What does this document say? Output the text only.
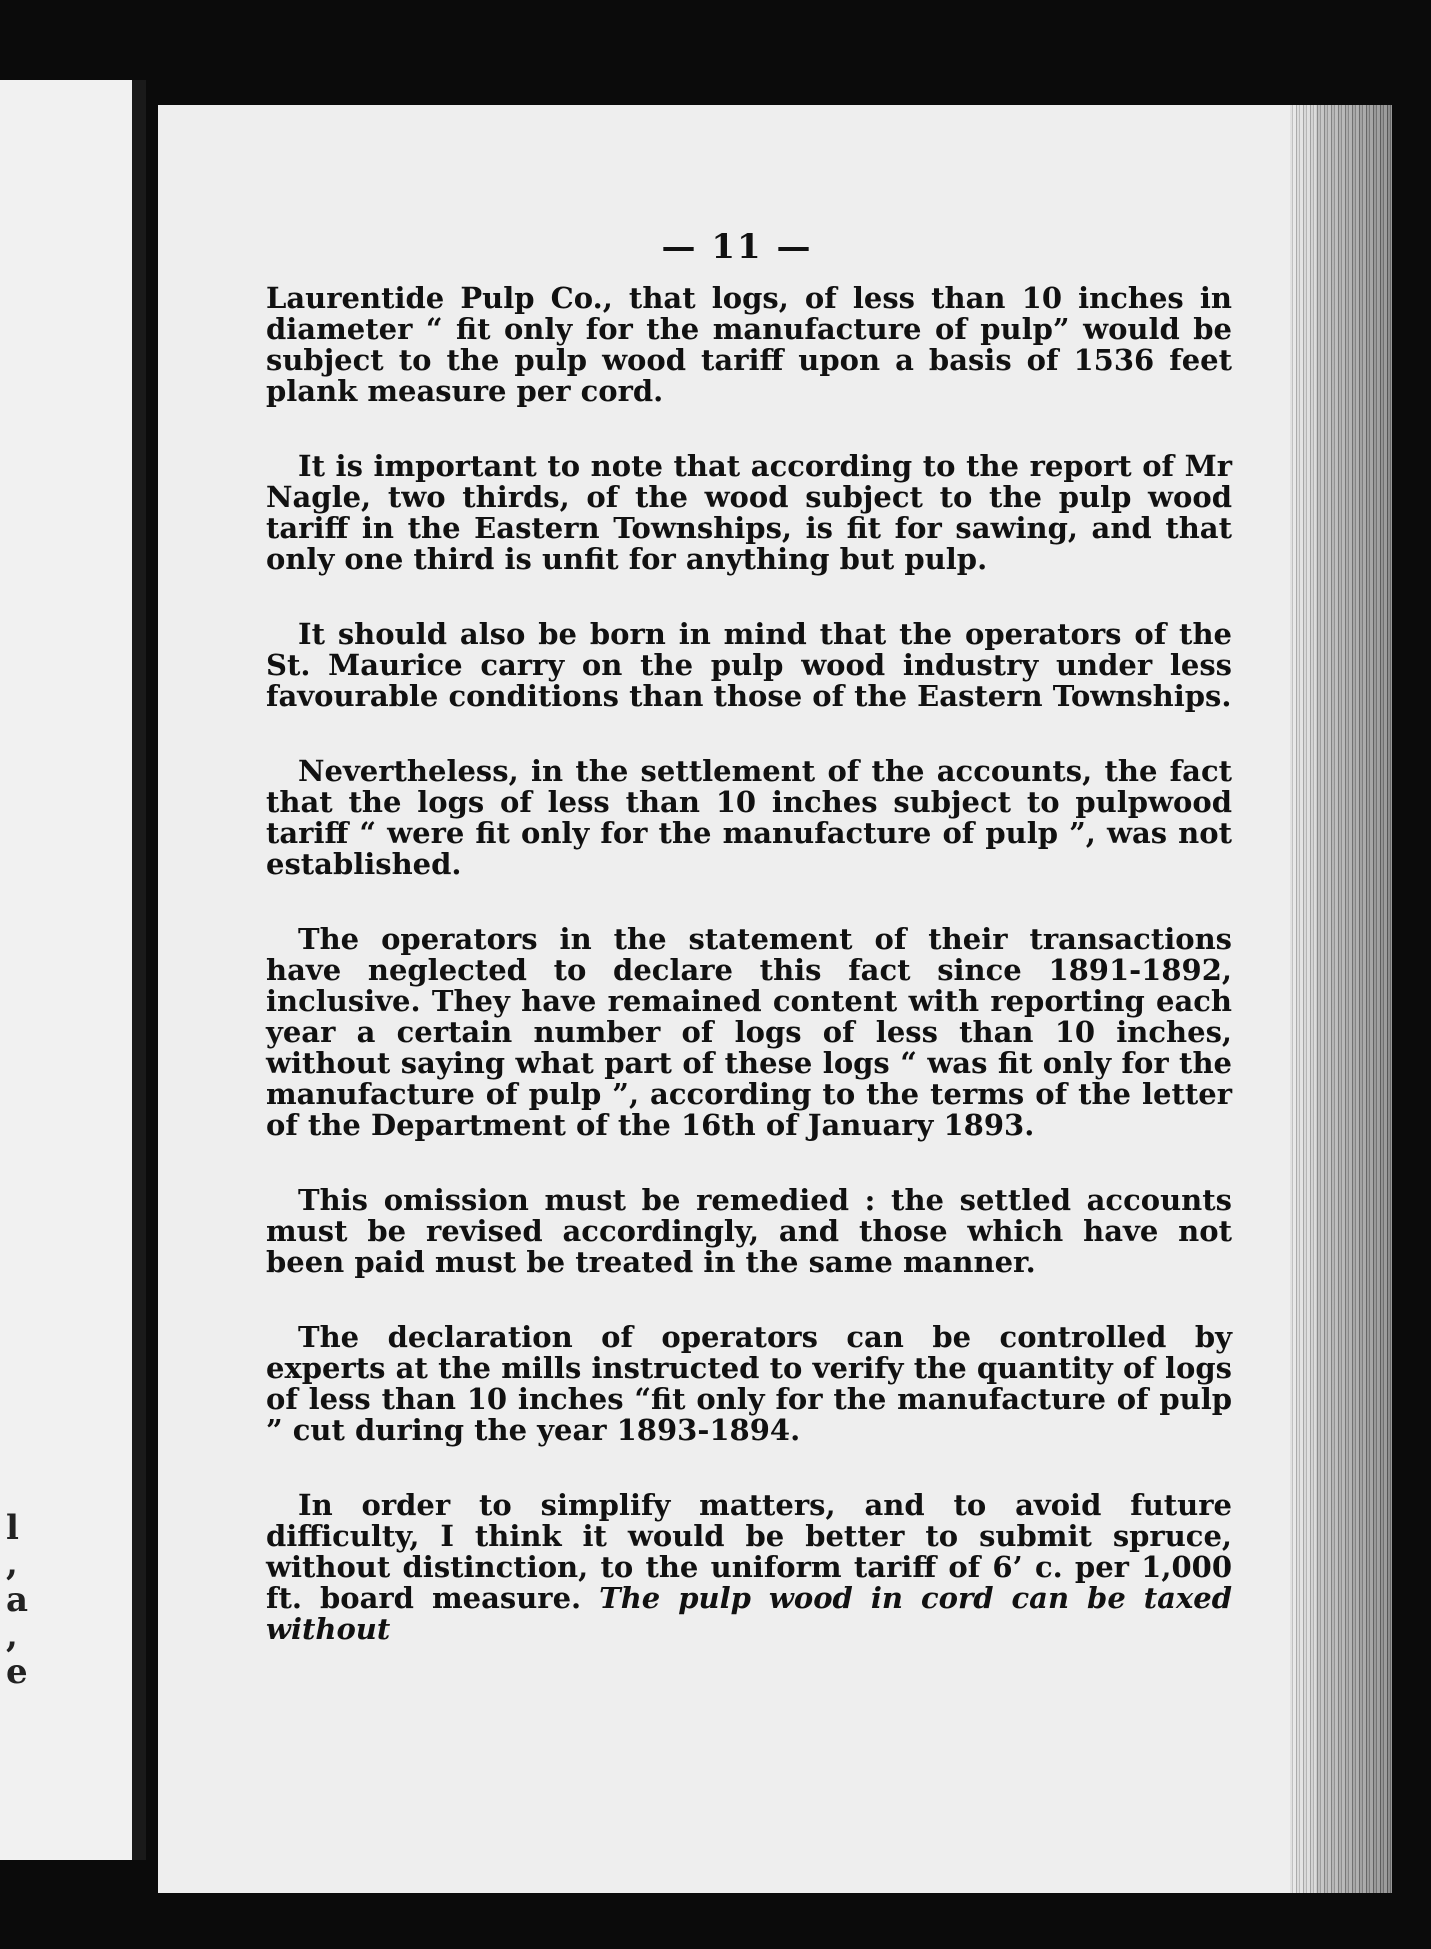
l
,
a
,
e
— 11 —

Laurentide Pulp Co., that logs, of less than 10 inches in diameter “ fit only for the manufacture of pulp” would be subject to the pulp wood tariff upon a basis of 1536 feet plank measure per cord.

It is important to note that according to the report of Mr Nagle, two thirds, of the wood subject to the pulp wood tariff in the Eastern Townships, is fit for sawing, and that only one third is unfit for anything but pulp.

It should also be born in mind that the operators of the St. Maurice carry on the pulp wood industry under less favourable conditions than those of the Eastern Townships.

Nevertheless, in the settlement of the accounts, the fact that the logs of less than 10 inches subject to pulpwood tariff “ were fit only for the manufacture of pulp ”, was not established.

The operators in the statement of their transactions have neglected to declare this fact since 1891-1892, inclusive. They have remained content with reporting each year a certain number of logs of less than 10 inches, without saying what part of these logs “ was fit only for the manufacture of pulp ”, according to the terms of the letter of the Department of the 16th of January 1893.

This omission must be remedied : the settled accounts must be revised accordingly, and those which have not been paid must be treated in the same manner.

The declaration of operators can be controlled by experts at the mills instructed to verify the quantity of logs of less than 10 inches “fit only for the manufacture of pulp ” cut during the year 1893-1894.

In order to simplify matters, and to avoid future difficulty, I think it would be better to submit spruce, without distinction, to the uniform tariff of 6’ c. per 1,000 ft. board measure. The pulp wood in cord can be taxed without
